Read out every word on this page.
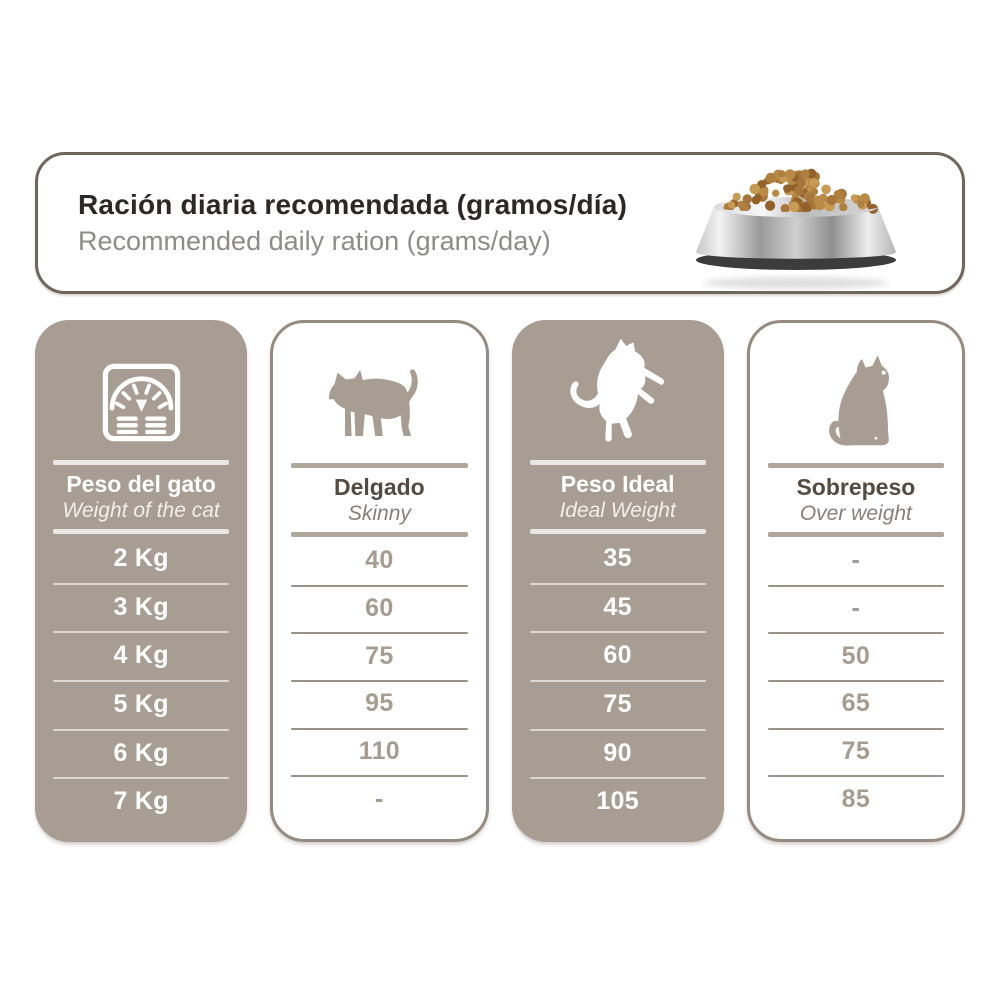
Ración diaria recomendada (gramos/día)
Recommended daily ration (grams/day)
Peso del gato
Weight of the cat
2 Kg
3 Kg
4 Kg
5 Kg
6 Kg
7 Kg
Delgado
Skinny
40
60
75
95
110
-
Peso Ideal
Ideal Weight
35
45
60
75
90
105
Sobrepeso
Over weight
-
-
50
65
75
85
